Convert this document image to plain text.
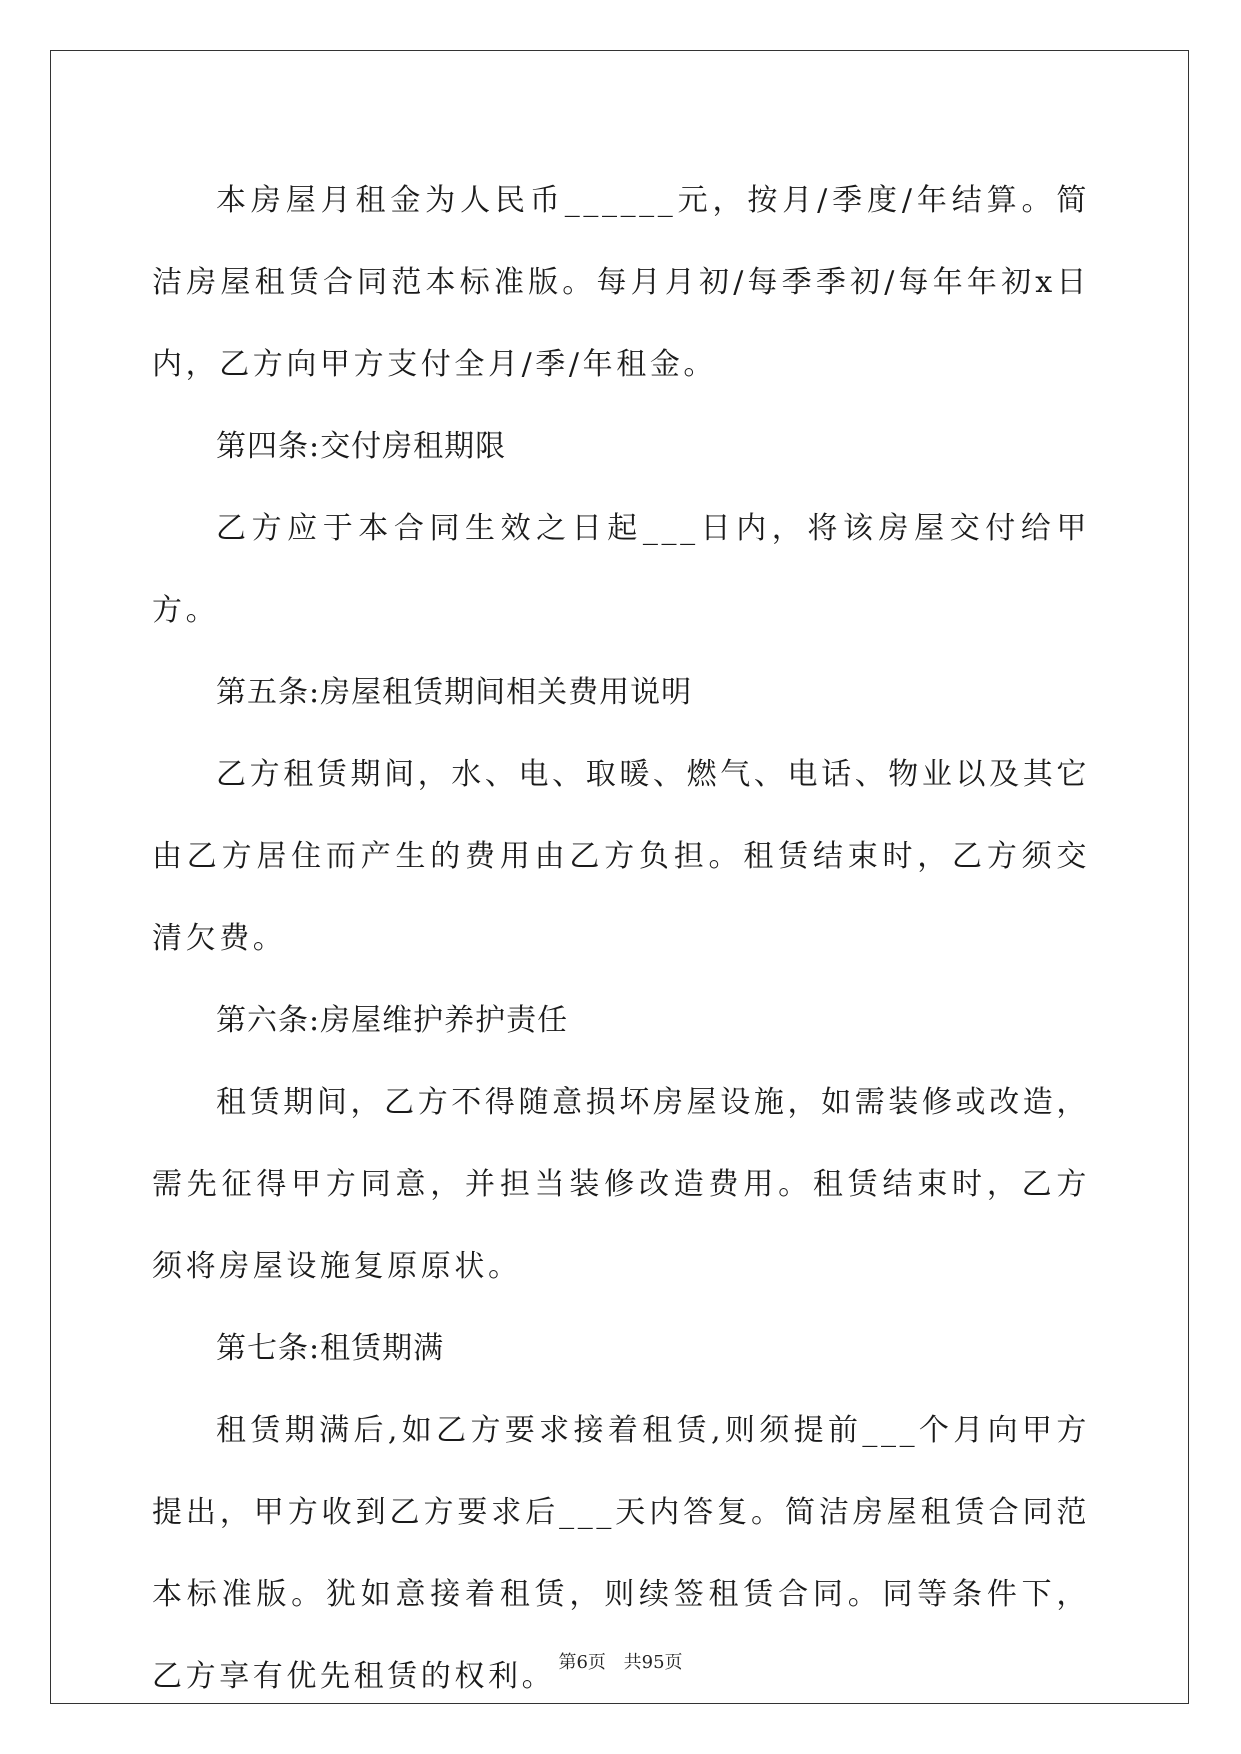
本房屋月租金为人民币______元，按月/季度/年结算。简洁房屋租赁合同范本标准版。每月月初/每季季初/每年年初x日内，乙方向甲方支付全月/季/年租金。

第四条:交付房租期限

乙方应于本合同生效之日起___日内，将该房屋交付给甲方。

第五条:房屋租赁期间相关费用说明

乙方租赁期间，水、电、取暖、燃气、电话、物业以及其它由乙方居住而产生的费用由乙方负担。租赁结束时，乙方须交清欠费。

第六条:房屋维护养护责任

租赁期间，乙方不得随意损坏房屋设施，如需装修或改造，需先征得甲方同意，并担当装修改造费用。租赁结束时，乙方须将房屋设施复原原状。

第七条:租赁期满

租赁期满后,如乙方要求接着租赁,则须提前___个月向甲方提出，甲方收到乙方要求后___天内答复。简洁房屋租赁合同范本标准版。犹如意接着租赁，则续签租赁合同。同等条件下，乙方享有优先租赁的权利。 第6页 共95页
